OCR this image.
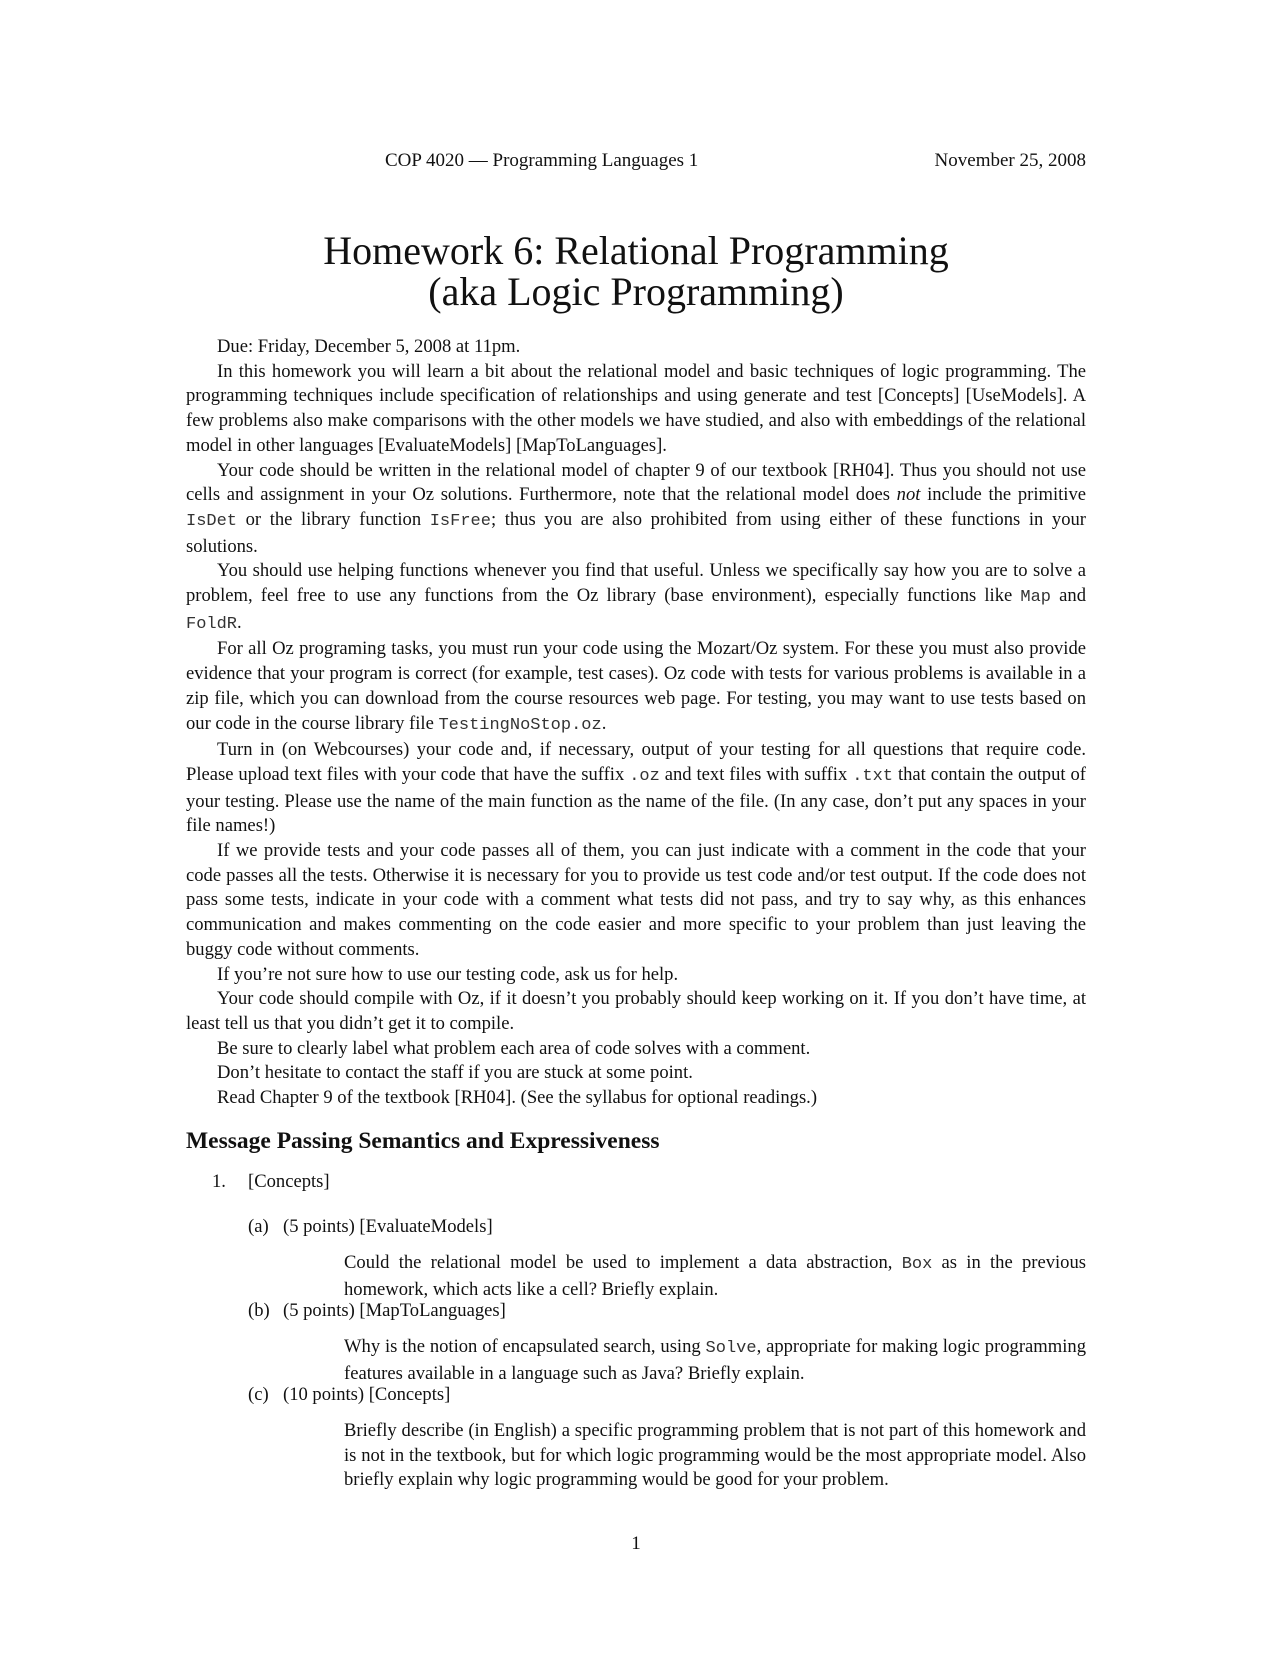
COP 4020 — Programming Languages 1	November 25, 2008
Homework 6: Relational Programming
(aka Logic Programming)

Due: Friday, December 5, 2008 at 11pm.

In this homework you will learn a bit about the relational model and basic techniques of logic programming. The programming techniques include specification of relationships and using generate and test [Concepts] [UseModels]. A few problems also make comparisons with the other models we have studied, and also with embeddings of the relational model in other languages [EvaluateModels] [MapToLanguages].

Your code should be written in the relational model of chapter 9 of our textbook [RH04]. Thus you should not use cells and assignment in your Oz solutions. Furthermore, note that the relational model does not include the primitive IsDet or the library function IsFree; thus you are also prohibited from using either of these functions in your solutions.

You should use helping functions whenever you find that useful. Unless we specifically say how you are to solve a problem, feel free to use any functions from the Oz library (base environment), especially functions like Map and FoldR.

For all Oz programing tasks, you must run your code using the Mozart/Oz system. For these you must also provide evidence that your program is correct (for example, test cases). Oz code with tests for various problems is available in a zip file, which you can download from the course resources web page. For testing, you may want to use tests based on our code in the course library file TestingNoStop.oz.

Turn in (on Webcourses) your code and, if necessary, output of your testing for all questions that require code. Please upload text files with your code that have the suffix .oz and text files with suffix .txt that contain the output of your testing. Please use the name of the main function as the name of the file. (In any case, don’t put any spaces in your file names!)

If we provide tests and your code passes all of them, you can just indicate with a comment in the code that your code passes all the tests. Otherwise it is necessary for you to provide us test code and/or test output. If the code does not pass some tests, indicate in your code with a comment what tests did not pass, and try to say why, as this enhances communication and makes commenting on the code easier and more specific to your problem than just leaving the buggy code without comments.

If you’re not sure how to use our testing code, ask us for help.

Your code should compile with Oz, if it doesn’t you probably should keep working on it. If you don’t have time, at least tell us that you didn’t get it to compile.

Be sure to clearly label what problem each area of code solves with a comment.

Don’t hesitate to contact the staff if you are stuck at some point.

Read Chapter 9 of the textbook [RH04]. (See the syllabus for optional readings.)

Message Passing Semantics and Expressiveness
1. [Concepts]
(a) (5 points) [EvaluateModels]
Could the relational model be used to implement a data abstraction, Box as in the previous homework, which acts like a cell? Briefly explain.
(b) (5 points) [MapToLanguages]
Why is the notion of encapsulated search, using Solve, appropriate for making logic programming features available in a language such as Java? Briefly explain.
(c) (10 points) [Concepts]
Briefly describe (in English) a specific programming problem that is not part of this homework and is not in the textbook, but for which logic programming would be the most appropriate model. Also briefly explain why logic programming would be good for your problem.
1
